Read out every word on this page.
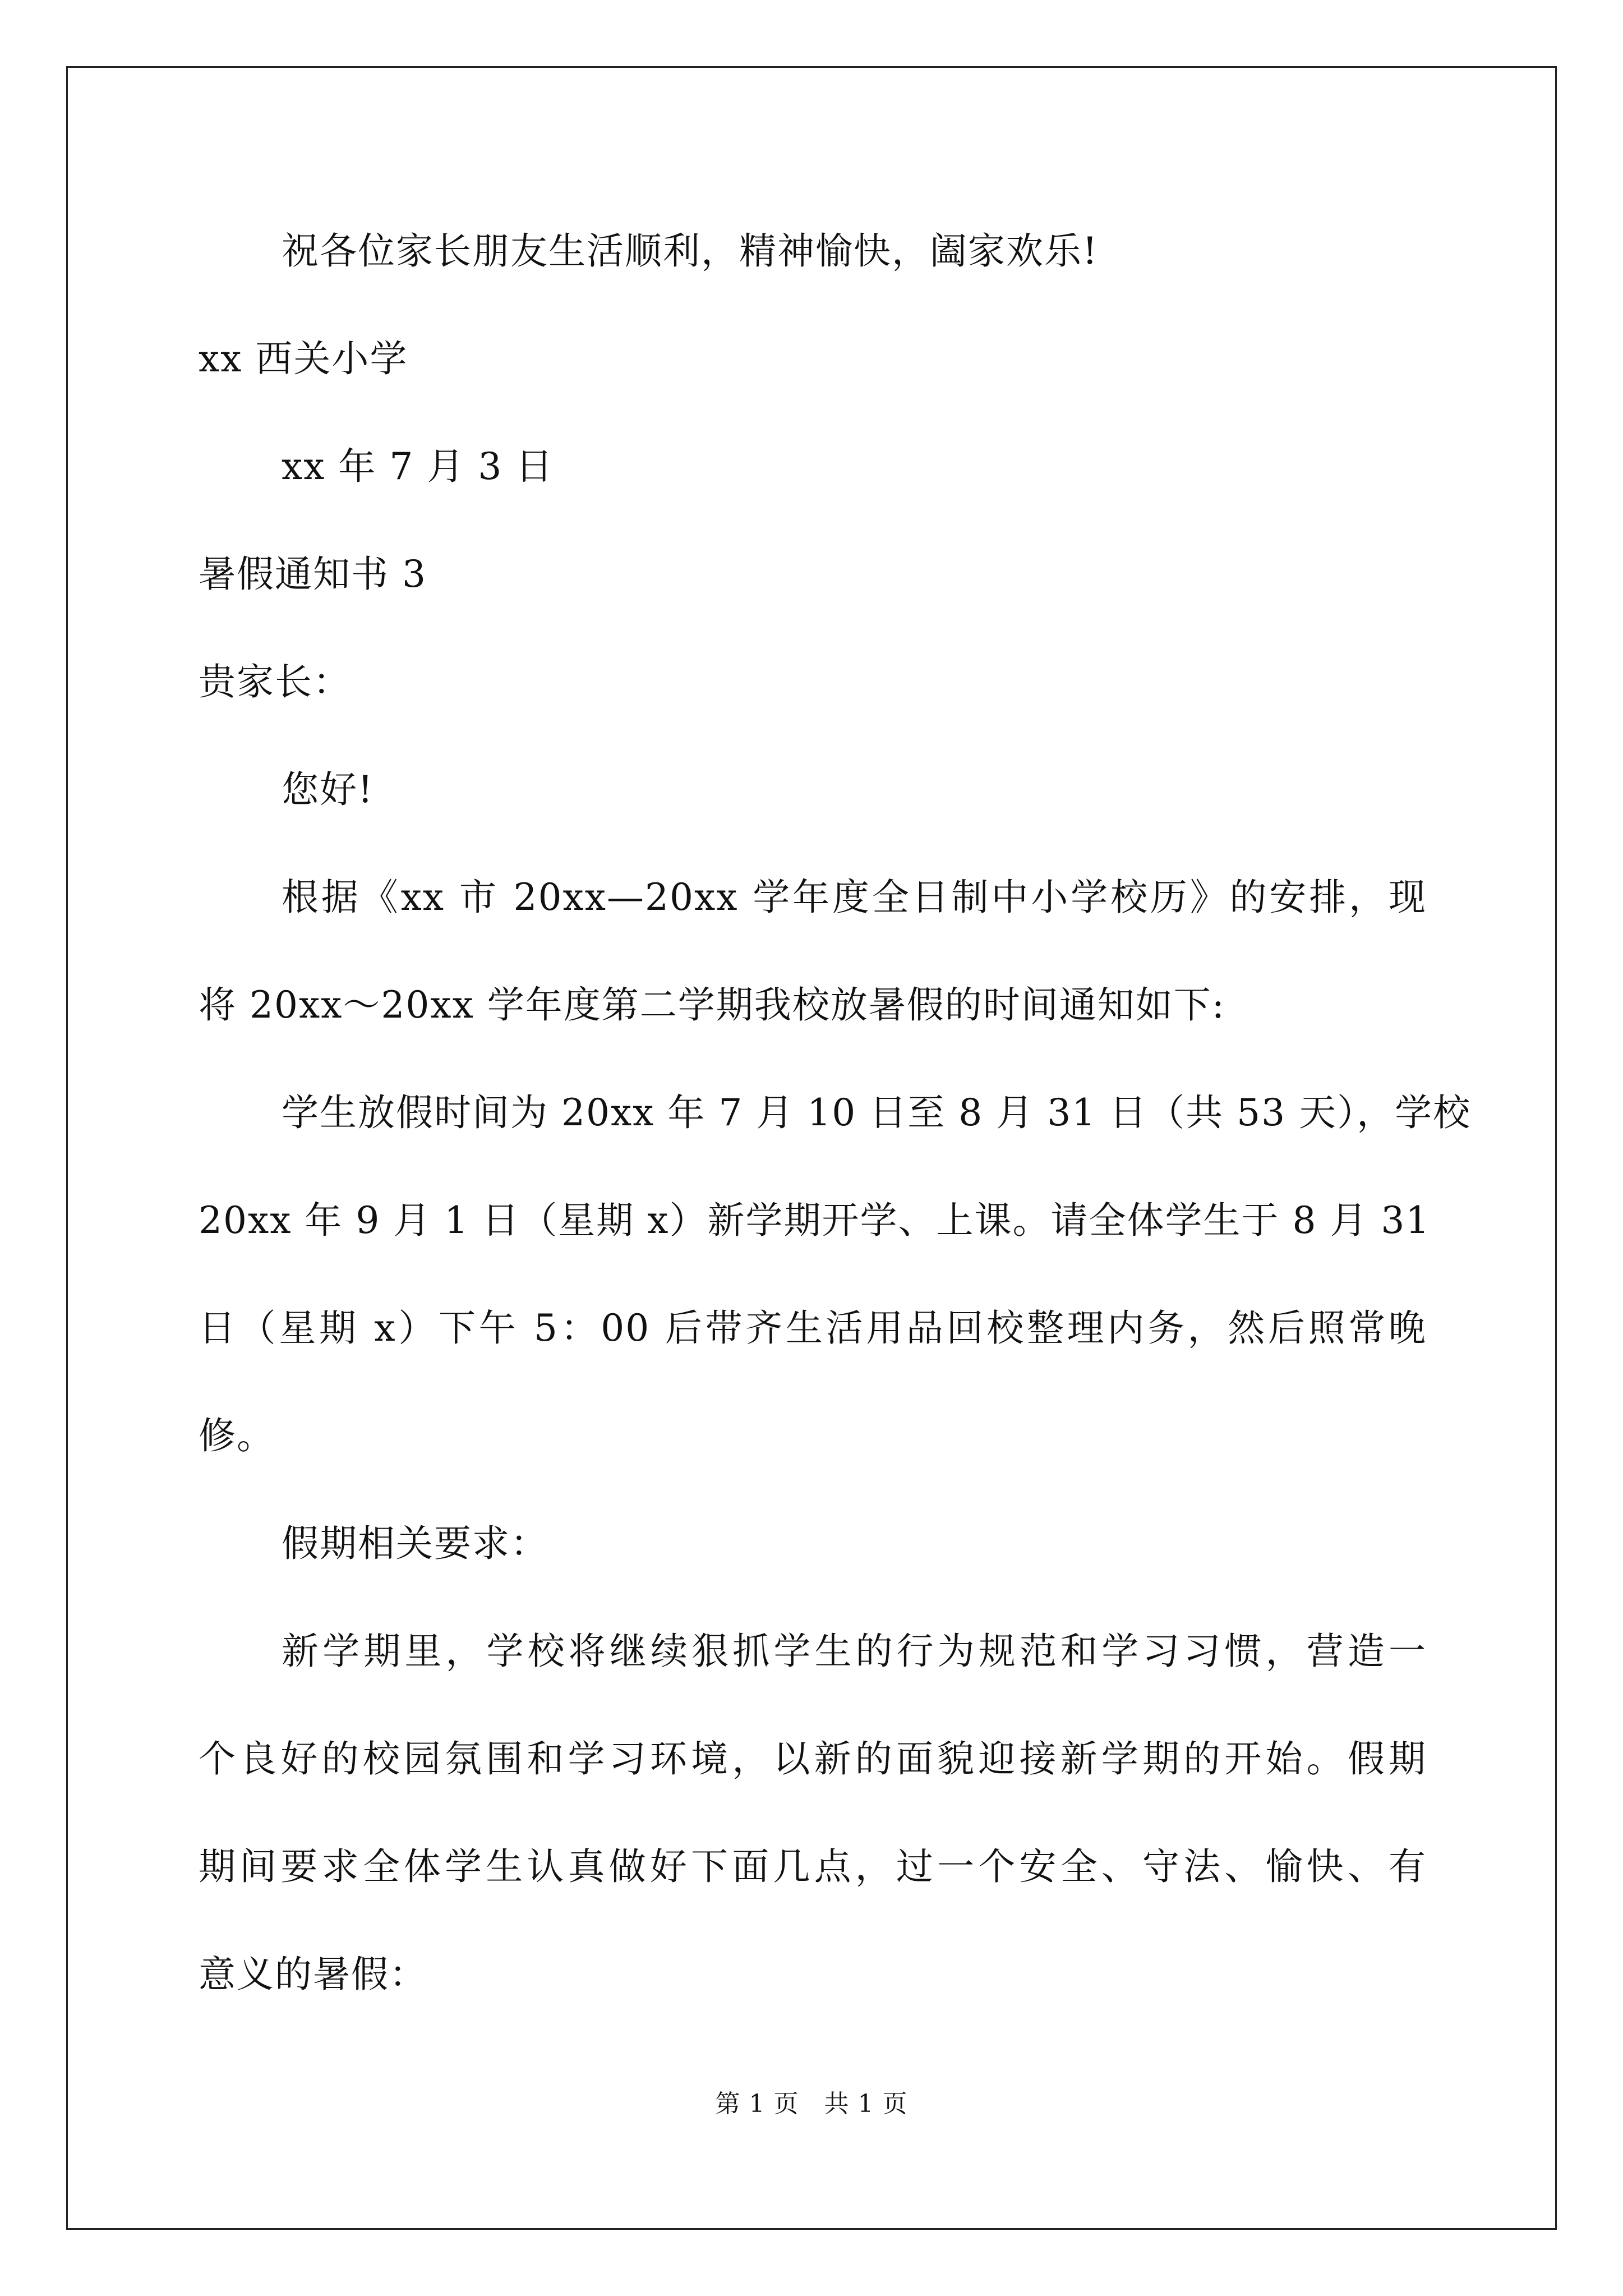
祝各位家长朋友生活顺利，精神愉快，阖家欢乐!
xx 西关小学
xx 年 7 月 3 日
暑假通知书 3
贵家长：
您好!
根据《xx 市 20xx—20xx 学年度全日制中小学校历》的安排，现
将 20xx～20xx 学年度第二学期我校放暑假的时间通知如下:
学生放假时间为 20xx 年 7 月 10 日至 8 月 31 日（共 53 天），学校
20xx 年 9 月 1 日（星期 x）新学期开学、上课。请全体学生于 8 月 31
日（星期 x）下午 5：00 后带齐生活用品回校整理内务，然后照常晚
修。
假期相关要求：
新学期里，学校将继续狠抓学生的行为规范和学习习惯，营造一
个良好的校园氛围和学习环境，以新的面貌迎接新学期的开始。假期
期间要求全体学生认真做好下面几点，过一个安全、守法、愉快、有
意义的暑假：
第 1 页　共 1 页
